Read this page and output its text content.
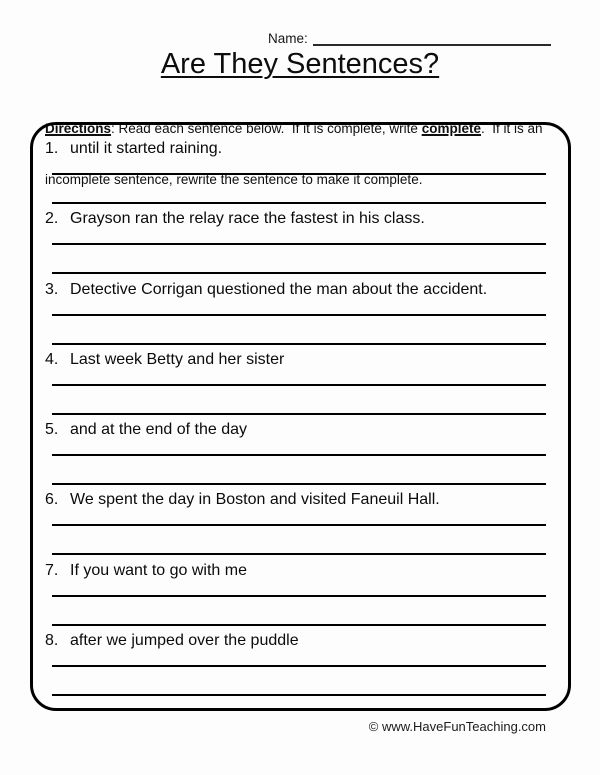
Name:
Are They Sentences?

Directions: Read each sentence below.  If it is complete, write complete.  If it is an

incomplete sentence, rewrite the sentence to make it complete.

1. until it started raining.
2. Grayson ran the relay race the fastest in his class.
3. Detective Corrigan questioned the man about the accident.
4. Last week Betty and her sister
5. and at the end of the day
6. We spent the day in Boston and visited Faneuil Hall.
7. If you want to go with me
8. after we jumped over the puddle
© www.HaveFunTeaching.com
